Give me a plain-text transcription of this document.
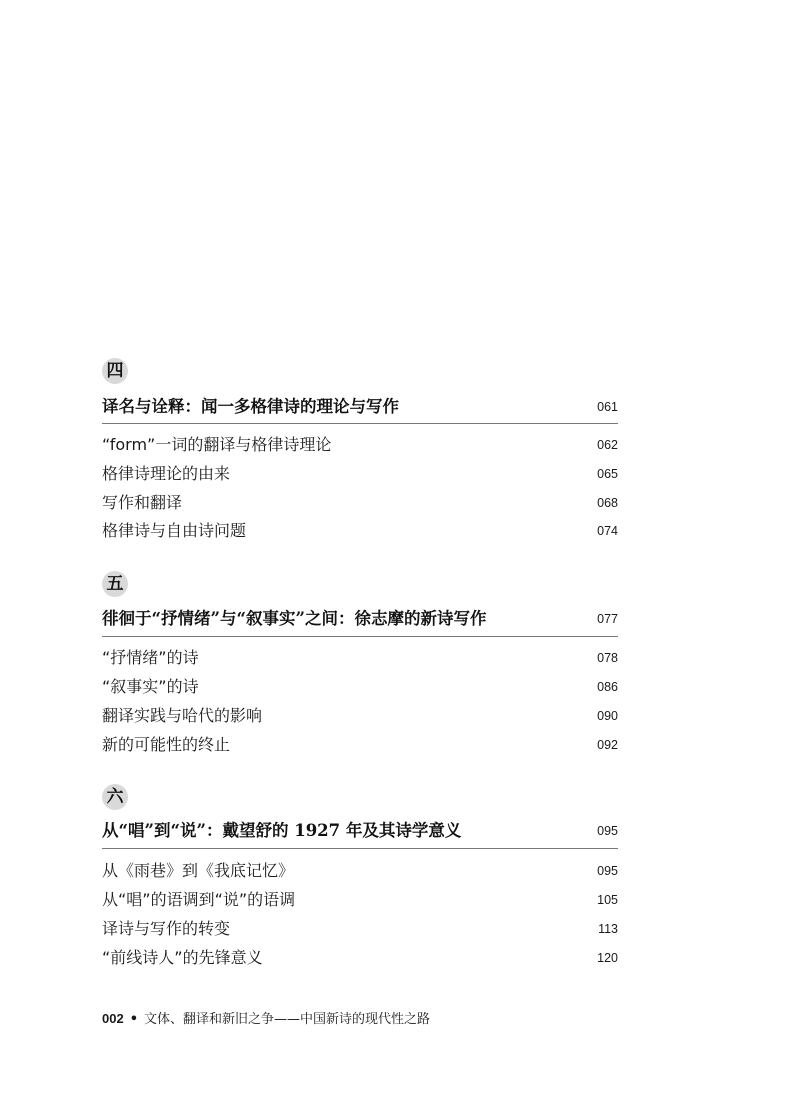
四
译名与诠释：闻一多格律诗的理论与写作	061
“form”一词的翻译与格律诗理论	062
格律诗理论的由来	065
写作和翻译	068
格律诗与自由诗问题	074
五
徘徊于“抒情绪”与“叙事实”之间：徐志摩的新诗写作	077
“抒情绪”的诗	078
“叙事实”的诗	086
翻译实践与哈代的影响	090
新的可能性的终止	092
六
从“唱”到“说”：戴望舒的 1927 年及其诗学意义	095
从《雨巷》到《我底记忆》	095
从“唱”的语调到“说”的语调	105
译诗与写作的转变	113
“前线诗人”的先锋意义	120
002 • 文体、翻译和新旧之争——中国新诗的现代性之路
